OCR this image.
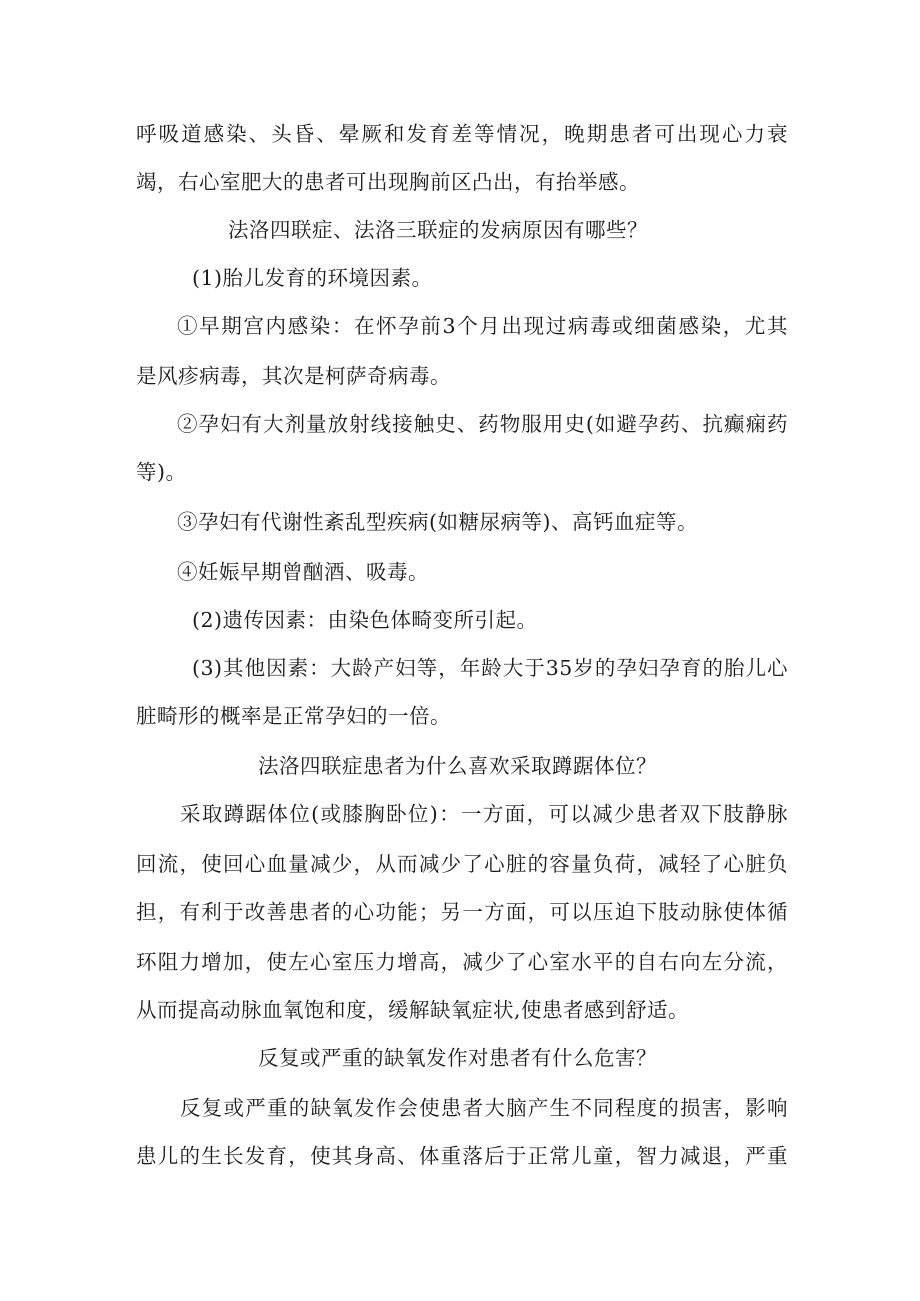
呼吸道感染、头昏、晕厥和发育差等情况，晚期患者可出现心力衰
竭，右心室肥大的患者可出现胸前区凸出，有抬举感。
法洛四联症、法洛三联症的发病原因有哪些？
(1)胎儿发育的环境因素。
①早期宫内感染：在怀孕前3个月出现过病毒或细菌感染，尤其
是风疹病毒，其次是柯萨奇病毒。
②孕妇有大剂量放射线接触史、药物服用史(如避孕药、抗癫痫药
等)。
③孕妇有代谢性紊乱型疾病(如糖尿病等)、高钙血症等。
④妊娠早期曾酗酒、吸毒。
(2)遗传因素：由染色体畸变所引起。
(3)其他因素：大龄产妇等，年龄大于35岁的孕妇孕育的胎儿心
脏畸形的概率是正常孕妇的一倍。
法洛四联症患者为什么喜欢采取蹲踞体位？
采取蹲踞体位(或膝胸卧位)：一方面，可以减少患者双下肢静脉
回流，使回心血量减少，从而减少了心脏的容量负荷，减轻了心脏负
担，有利于改善患者的心功能；另一方面，可以压迫下肢动脉使体循
环阻力增加，使左心室压力增高，减少了心室水平的自右向左分流，
从而提高动脉血氧饱和度，缓解缺氧症状,使患者感到舒适。
反复或严重的缺氧发作对患者有什么危害？
反复或严重的缺氧发作会使患者大脑产生不同程度的损害，影响
患儿的生长发育，使其身高、体重落后于正常儿童，智力减退，严重
